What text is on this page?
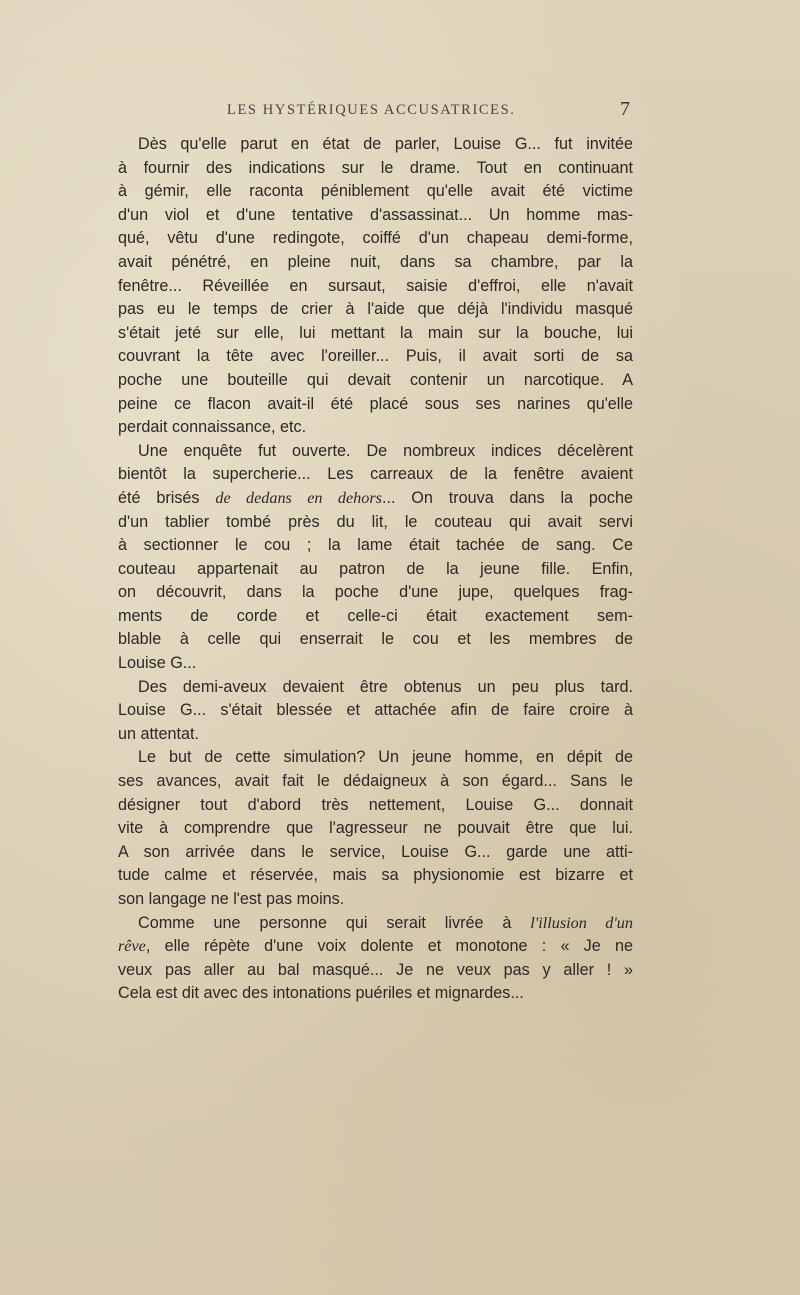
LES HYSTÉRIQUES ACCUSATRICES.	7

Dès qu'elle parut en état de parler, Louise G... fut invitée
à fournir des indications sur le drame. Tout en continuant
à gémir, elle raconta péniblement qu'elle avait été victime
d'un viol et d'une tentative d'assassinat... Un homme mas-
qué, vêtu d'une redingote, coiffé d'un chapeau demi-forme,
avait pénétré, en pleine nuit, dans sa chambre, par la
fenêtre... Réveillée en sursaut, saisie d'effroi, elle n'avait
pas eu le temps de crier à l'aide que déjà l'individu masqué
s'était jeté sur elle, lui mettant la main sur la bouche, lui
couvrant la tête avec l'oreiller... Puis, il avait sorti de sa
poche une bouteille qui devait contenir un narcotique. A
peine ce flacon avait-il été placé sous ses narines qu'elle
perdait connaissance, etc.

Une enquête fut ouverte. De nombreux indices décelèrent
bientôt la supercherie... Les carreaux de la fenêtre avaient
été brisés de dedans en dehors... On trouva dans la poche
d'un tablier tombé près du lit, le couteau qui avait servi
à sectionner le cou ; la lame était tachée de sang. Ce
couteau appartenait au patron de la jeune fille. Enfin,
on découvrit, dans la poche d'une jupe, quelques frag-
ments de corde et celle-ci était exactement sem-
blable à celle qui enserrait le cou et les membres de
Louise G...

Des demi-aveux devaient être obtenus un peu plus tard.
Louise G... s'était blessée et attachée afin de faire croire à
un attentat.

Le but de cette simulation? Un jeune homme, en dépit de
ses avances, avait fait le dédaigneux à son égard... Sans le
désigner tout d'abord très nettement, Louise G... donnait
vite à comprendre que l'agresseur ne pouvait être que lui.
A son arrivée dans le service, Louise G... garde une atti-
tude calme et réservée, mais sa physionomie est bizarre et
son langage ne l'est pas moins.

Comme une personne qui serait livrée à l'illusion d'un
rêve, elle répète d'une voix dolente et monotone : « Je ne
veux pas aller au bal masqué... Je ne veux pas y aller ! »
Cela est dit avec des intonations puériles et mignardes...
